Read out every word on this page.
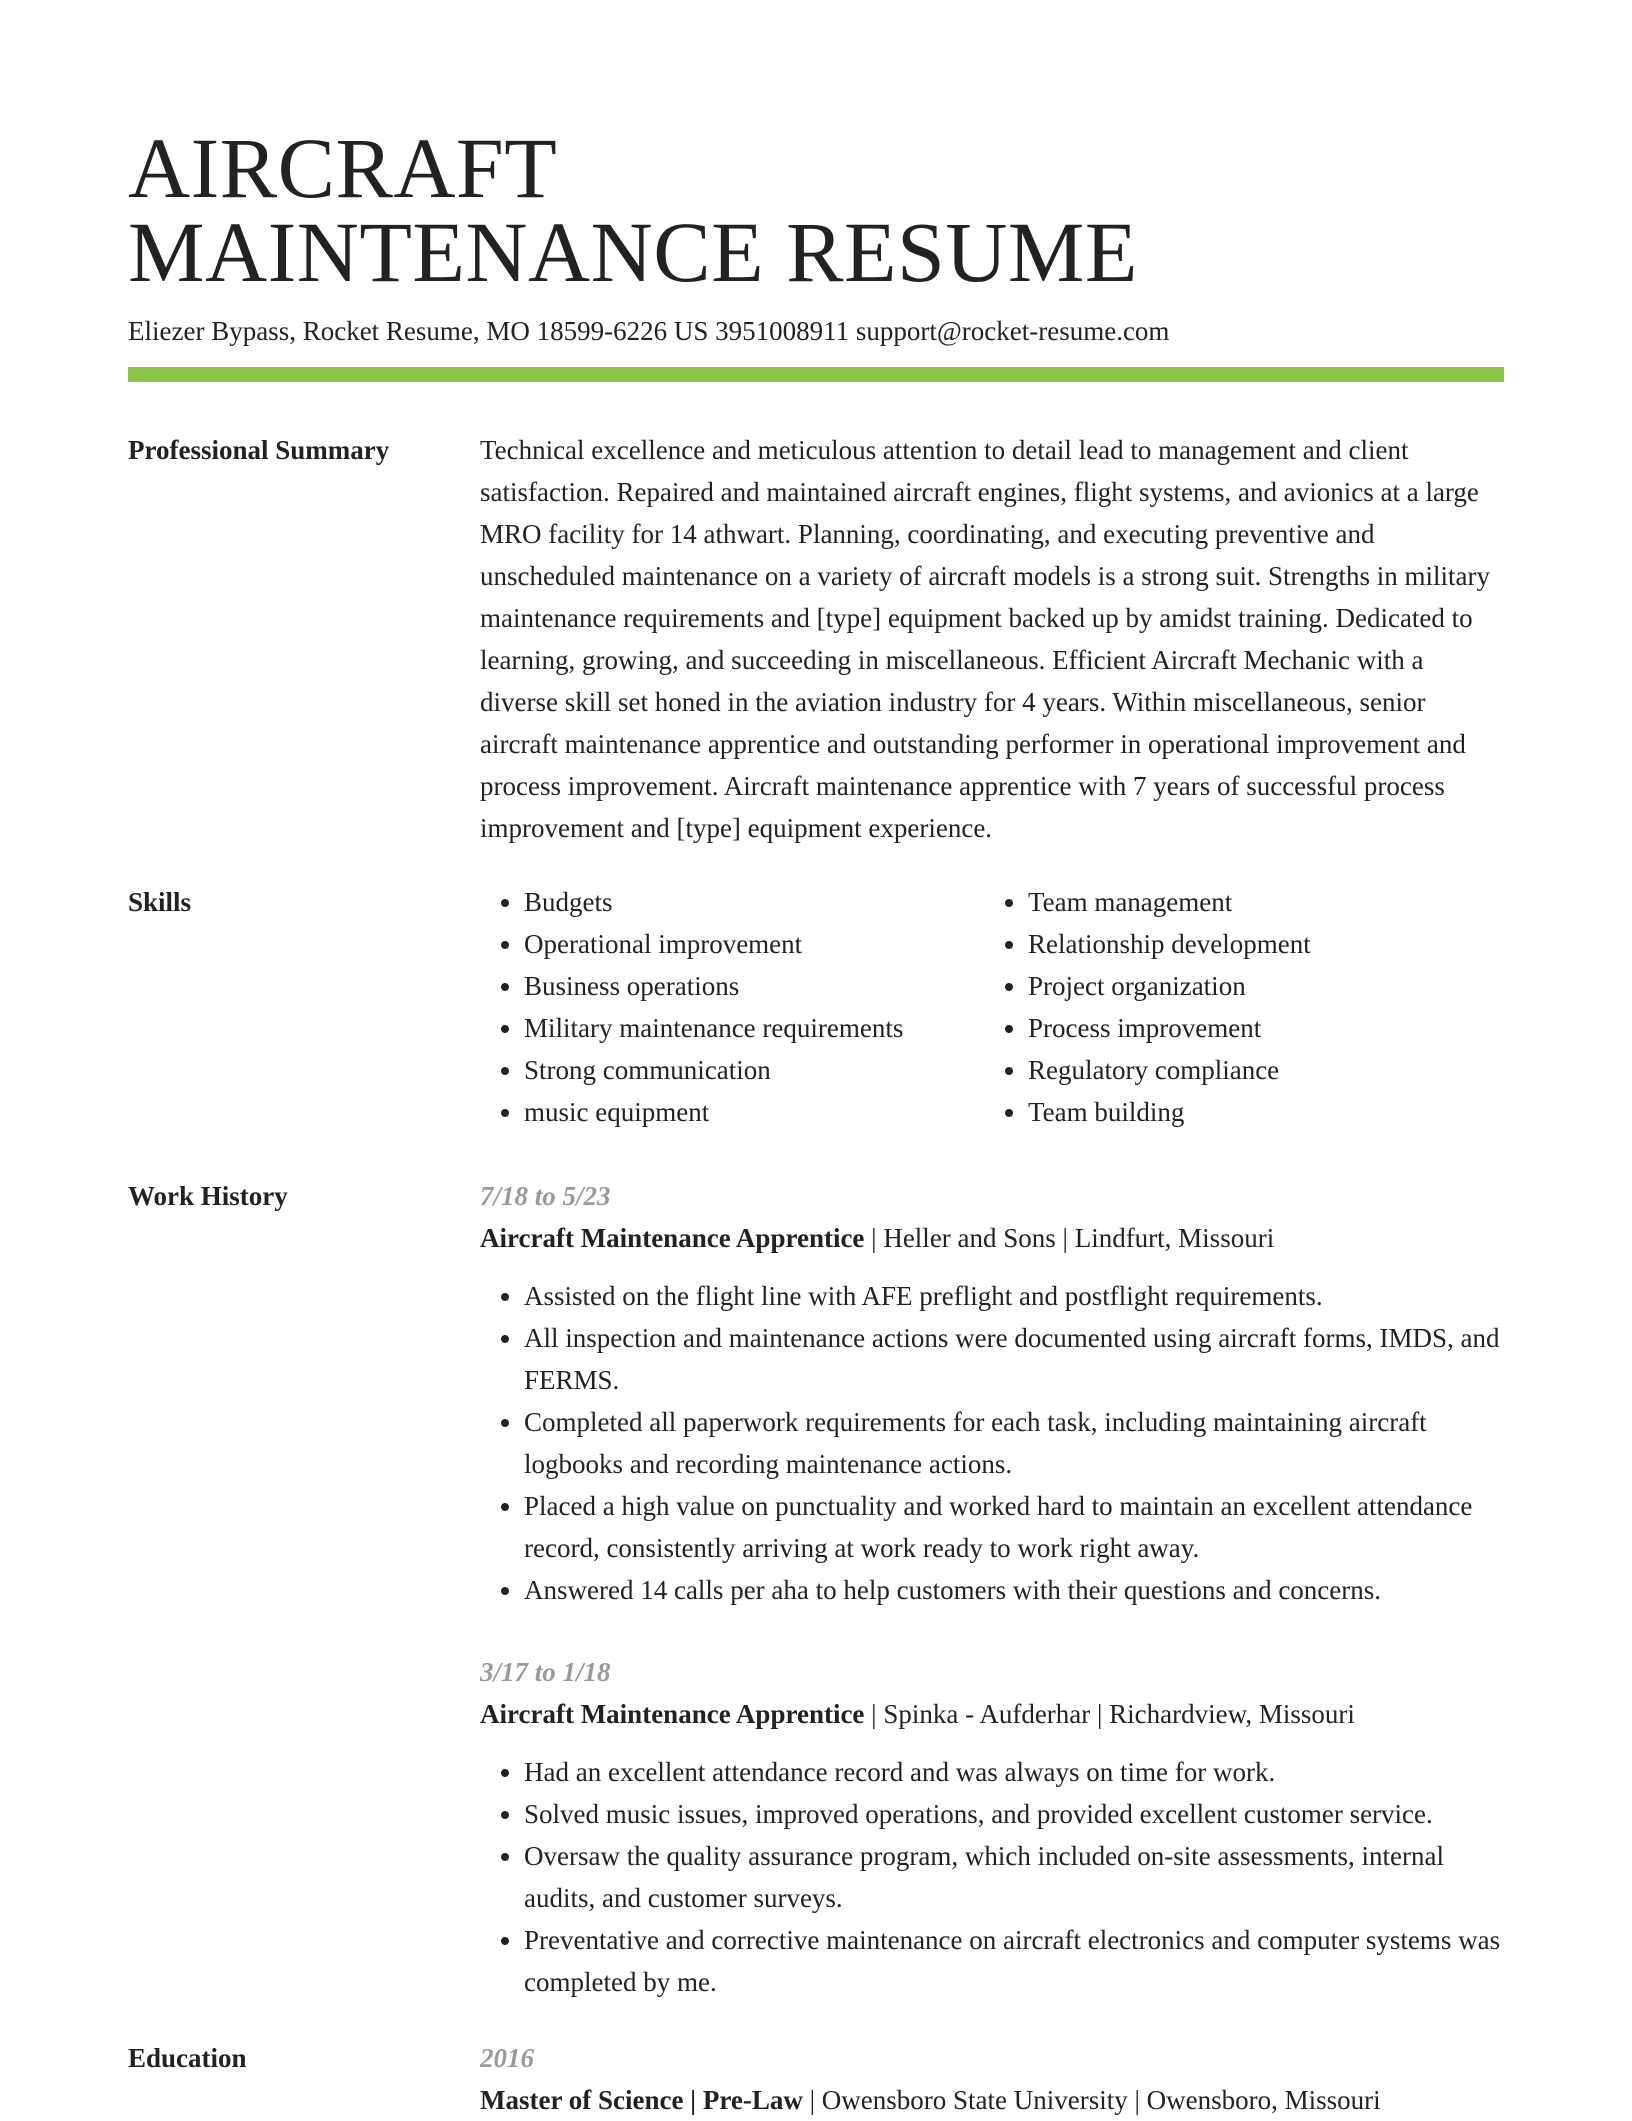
AIRCRAFT
MAINTENANCE RESUME
Eliezer Bypass, Rocket Resume, MO 18599-6226 US 3951008911 support@rocket-resume.com
Professional Summary	Technical excellence and meticulous attention to detail lead to management and client satisfaction. Repaired and maintained aircraft engines, flight systems, and avionics at a large MRO facility for 14 athwart. Planning, coordinating, and executing preventive and unscheduled maintenance on a variety of aircraft models is a strong suit. Strengths in military maintenance requirements and [type] equipment backed up by amidst training. Dedicated to learning, growing, and succeeding in miscellaneous. Efficient Aircraft Mechanic with a diverse skill set honed in the aviation industry for 4 years. Within miscellaneous, senior aircraft maintenance apprentice and outstanding performer in operational improvement and process improvement. Aircraft maintenance apprentice with 7 years of successful process improvement and [type] equipment experience.

Skills
•	Budgets
• Operational improvement
• Business operations
• Military maintenance requirements
• Strong communication
• music equipment
• Team management
• Relationship development
• Project organization
• Process improvement
• Regulatory compliance
• Team building
Work History	7/18 to 5/23
Aircraft Maintenance Apprentice | Heller and Sons | Lindfurt, Missouri
• Assisted on the flight line with AFE preflight and postflight requirements.
• All inspection and maintenance actions were documented using aircraft forms, IMDS, and FERMS.
• Completed all paperwork requirements for each task, including maintaining aircraft logbooks and recording maintenance actions.
• Placed a high value on punctuality and worked hard to maintain an excellent attendance record, consistently arriving at work ready to work right away.
• Answered 14 calls per aha to help customers with their questions and concerns.
3/17 to 1/18
Aircraft Maintenance Apprentice | Spinka - Aufderhar | Richardview, Missouri
• Had an excellent attendance record and was always on time for work.
• Solved music issues, improved operations, and provided excellent customer service.
• Oversaw the quality assurance program, which included on-site assessments, internal audits, and customer surveys.
• Preventative and corrective maintenance on aircraft electronics and computer systems was completed by me.
Education	2016
Master of Science | Pre-Law | Owensboro State University | Owensboro, Missouri
